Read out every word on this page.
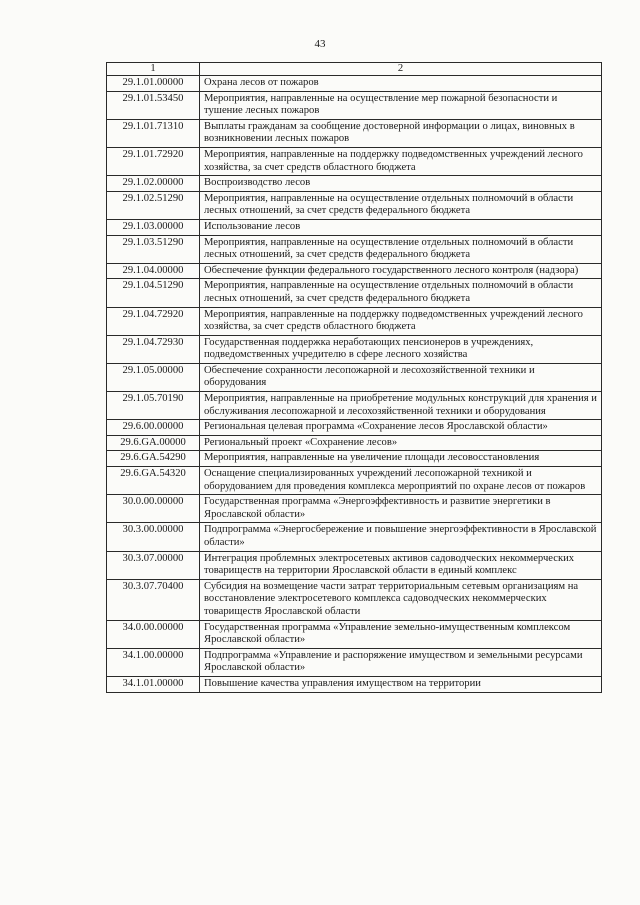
43
1	2
29.1.01.00000	Охрана лесов от пожаров
29.1.01.53450	Мероприятия, направленные на осуществление мер пожарной безопасности и тушение лесных пожаров
29.1.01.71310	Выплаты гражданам за сообщение достоверной информации о лицах, виновных в возникновении лесных пожаров
29.1.01.72920	Мероприятия, направленные на поддержку подведомственных учреждений лесного хозяйства, за счет средств областного бюджета
29.1.02.00000	Воспроизводство лесов
29.1.02.51290	Мероприятия, направленные на осуществление отдельных полномочий в области лесных отношений, за счет средств федерального бюджета
29.1.03.00000	Использование лесов
29.1.03.51290	Мероприятия, направленные на осуществление отдельных полномочий в области лесных отношений, за счет средств федерального бюджета
29.1.04.00000	Обеспечение функции федерального государственного лесного контроля (надзора)
29.1.04.51290	Мероприятия, направленные на осуществление отдельных полномочий в области лесных отношений, за счет средств федерального бюджета
29.1.04.72920	Мероприятия, направленные на поддержку подведомственных учреждений лесного хозяйства, за счет средств областного бюджета
29.1.04.72930	Государственная поддержка неработающих пенсионеров в учреждениях, подведомственных учредителю в сфере лесного хозяйства
29.1.05.00000	Обеспечение сохранности лесопожарной и лесохозяйственной техники и оборудования
29.1.05.70190	Мероприятия, направленные на приобретение модульных конструкций для хранения и обслуживания лесопожарной и лесохозяйственной техники и оборудования
29.6.00.00000	Региональная целевая программа «Сохранение лесов Ярославской области»
29.6.GA.00000	Региональный проект «Сохранение лесов»
29.6.GA.54290	Мероприятия, направленные на увеличение площади лесовосстановления
29.6.GA.54320	Оснащение специализированных учреждений лесопожарной техникой и оборудованием для проведения комплекса мероприятий по охране лесов от пожаров
30.0.00.00000	Государственная программа «Энергоэффективность и развитие энергетики в Ярославской области»
30.3.00.00000	Подпрограмма «Энергосбережение и повышение энергоэффективности в Ярославской области»
30.3.07.00000	Интеграция проблемных электросетевых активов садоводческих некоммерческих товариществ на территории Ярославской области в единый комплекс
30.3.07.70400	Субсидия на возмещение части затрат территориальным сетевым организациям на восстановление электросетевого комплекса садоводческих некоммерческих товариществ Ярославской области
34.0.00.00000	Государственная программа «Управление земельно-имущественным комплексом Ярославской области»
34.1.00.00000	Подпрограмма «Управление и распоряжение имуществом и земельными ресурсами Ярославской области»
34.1.01.00000	Повышение качества управления имуществом на территории
